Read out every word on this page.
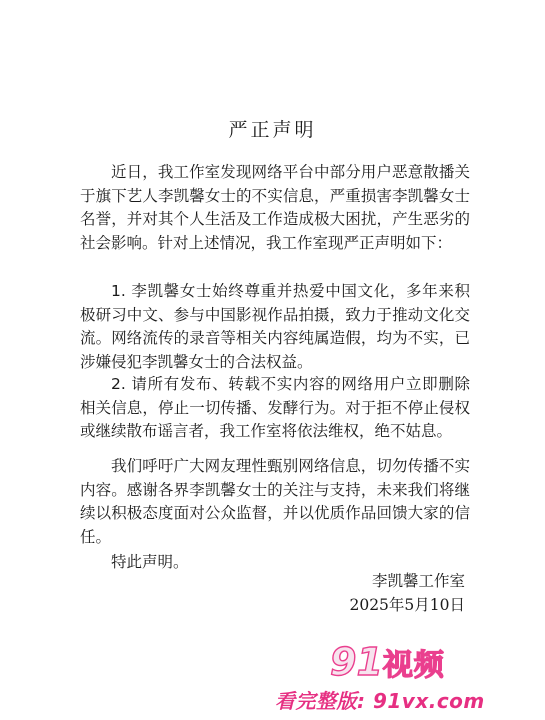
严正声明

近日，我工作室发现网络平台中部分用户恶意散播关于旗下艺人李凯馨女士的不实信息，严重损害李凯馨女士名誉，并对其个人生活及工作造成极大困扰，产生恶劣的社会影响。针对上述情况，我工作室现严正声明如下：

1. 李凯馨女士始终尊重并热爱中国文化，多年来积极研习中文、参与中国影视作品拍摄，致力于推动文化交流。网络流传的录音等相关内容纯属造假，均为不实，已涉嫌侵犯李凯馨女士的合法权益。

2. 请所有发布、转载不实内容的网络用户立即删除相关信息，停止一切传播、发酵行为。对于拒不停止侵权或继续散布谣言者，我工作室将依法维权，绝不姑息。

我们呼吁广大网友理性甄别网络信息，切勿传播不实内容。感谢各界李凯馨女士的关注与支持，未来我们将继续以积极态度面对公众监督，并以优质作品回馈大家的信任。

特此声明。

李凯馨工作室
2025年5月10日
91视频
看完整版: 91vx.com
